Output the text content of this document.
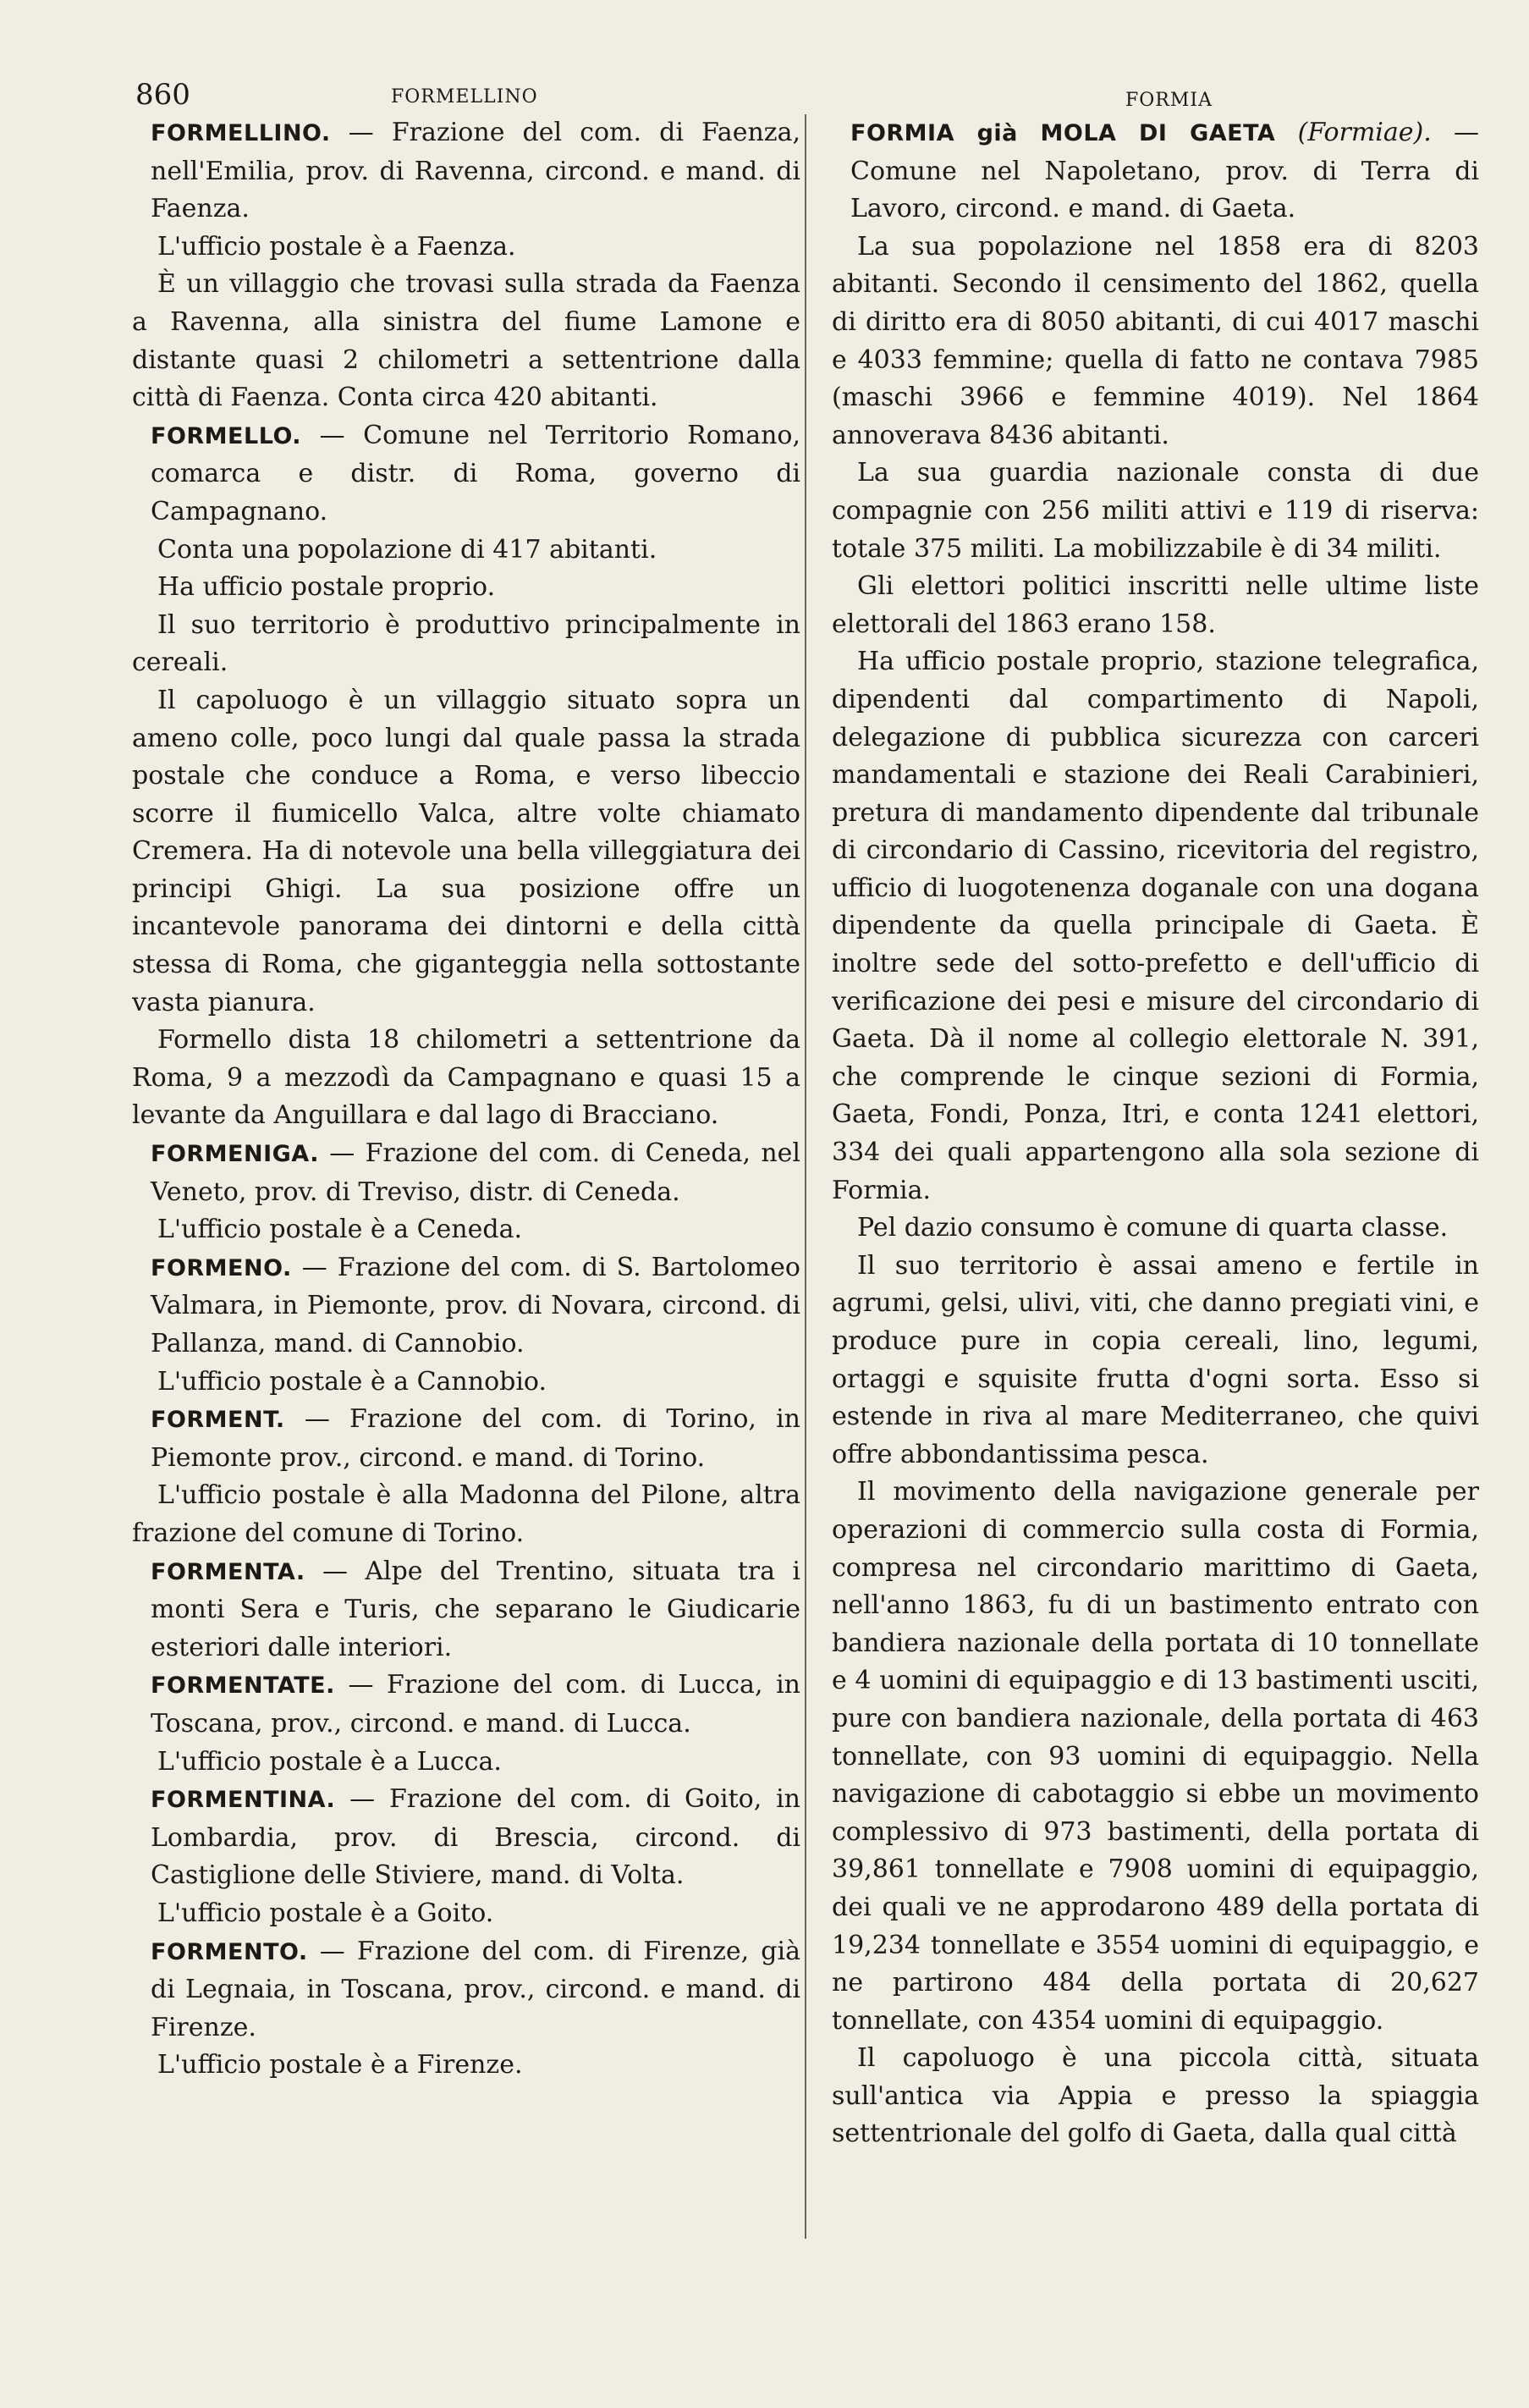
860	FORMELLINO	FORMIA

FORMELLINO. — Frazione del com. di Faenza, nell'Emilia, prov. di Ravenna, circond. e mand. di Faenza.

L'ufficio postale è a Faenza.

È un villaggio che trovasi sulla strada da Faenza a Ravenna, alla sinistra del fiume Lamone e distante quasi 2 chilometri a settentrione dalla città di Faenza. Conta circa 420 abitanti.

FORMELLO. — Comune nel Territorio Romano, comarca e distr. di Roma, governo di Campagnano.

Conta una popolazione di 417 abitanti.

Ha ufficio postale proprio.

Il suo territorio è produttivo principalmente in cereali.

Il capoluogo è un villaggio situato sopra un ameno colle, poco lungi dal quale passa la strada postale che conduce a Roma, e verso libeccio scorre il fiumicello Valca, altre volte chiamato Cremera. Ha di notevole una bella villeggiatura dei principi Ghigi. La sua posizione offre un incantevole panorama dei dintorni e della città stessa di Roma, che giganteggia nella sottostante vasta pianura.

Formello dista 18 chilometri a settentrione da Roma, 9 a mezzodì da Campagnano e quasi 15 a levante da Anguillara e dal lago di Bracciano.

FORMENIGA. — Frazione del com. di Ceneda, nel Veneto, prov. di Treviso, distr. di Ceneda.

L'ufficio postale è a Ceneda.

FORMENO. — Frazione del com. di S. Bartolomeo Valmara, in Piemonte, prov. di Novara, circond. di Pallanza, mand. di Cannobio.

L'ufficio postale è a Cannobio.

FORMENT. — Frazione del com. di Torino, in Piemonte prov., circond. e mand. di Torino.

L'ufficio postale è alla Madonna del Pilone, altra frazione del comune di Torino.

FORMENTA. — Alpe del Trentino, situata tra i monti Sera e Turis, che separano le Giudicarie esteriori dalle interiori.

FORMENTATE. — Frazione del com. di Lucca, in Toscana, prov., circond. e mand. di Lucca.

L'ufficio postale è a Lucca.

FORMENTINA. — Frazione del com. di Goito, in Lombardia, prov. di Brescia, circond. di Castiglione delle Stiviere, mand. di Volta.

L'ufficio postale è a Goito.

FORMENTO. — Frazione del com. di Firenze, già di Legnaia, in Toscana, prov., circond. e mand. di Firenze.

L'ufficio postale è a Firenze.

FORMIA già MOLA DI GAETA (Formiae). — Comune nel Napoletano, prov. di Terra di Lavoro, circond. e mand. di Gaeta.

La sua popolazione nel 1858 era di 8203 abitanti. Secondo il censimento del 1862, quella di diritto era di 8050 abitanti, di cui 4017 maschi e 4033 femmine; quella di fatto ne contava 7985 (maschi 3966 e femmine 4019). Nel 1864 annoverava 8436 abitanti.

La sua guardia nazionale consta di due compagnie con 256 militi attivi e 119 di riserva: totale 375 militi. La mobilizzabile è di 34 militi.

Gli elettori politici inscritti nelle ultime liste elettorali del 1863 erano 158.

Ha ufficio postale proprio, stazione telegrafica, dipendenti dal compartimento di Napoli, delegazione di pubblica sicurezza con carceri mandamentali e stazione dei Reali Carabinieri, pretura di mandamento dipendente dal tribunale di circondario di Cassino, ricevitoria del registro, ufficio di luogotenenza doganale con una dogana dipendente da quella principale di Gaeta. È inoltre sede del sotto-prefetto e dell'ufficio di verificazione dei pesi e misure del circondario di Gaeta. Dà il nome al collegio elettorale N. 391, che comprende le cinque sezioni di Formia, Gaeta, Fondi, Ponza, Itri, e conta 1241 elettori, 334 dei quali appartengono alla sola sezione di Formia.

Pel dazio consumo è comune di quarta classe.

Il suo territorio è assai ameno e fertile in agrumi, gelsi, ulivi, viti, che danno pregiati vini, e produce pure in copia cereali, lino, legumi, ortaggi e squisite frutta d'ogni sorta. Esso si estende in riva al mare Mediterraneo, che quivi offre abbondantissima pesca.

Il movimento della navigazione generale per operazioni di commercio sulla costa di Formia, compresa nel circondario marittimo di Gaeta, nell'anno 1863, fu di un bastimento entrato con bandiera nazionale della portata di 10 tonnellate e 4 uomini di equipaggio e di 13 bastimenti usciti, pure con bandiera nazionale, della portata di 463 tonnellate, con 93 uomini di equipaggio. Nella navigazione di cabotaggio si ebbe un movimento complessivo di 973 bastimenti, della portata di 39,861 tonnellate e 7908 uomini di equipaggio, dei quali ve ne approdarono 489 della portata di 19,234 tonnellate e 3554 uomini di equipaggio, e ne partirono 484 della portata di 20,627 tonnellate, con 4354 uomini di equipaggio.

Il capoluogo è una piccola città, situata sull'antica via Appia e presso la spiaggia settentrionale del golfo di Gaeta, dalla qual città
